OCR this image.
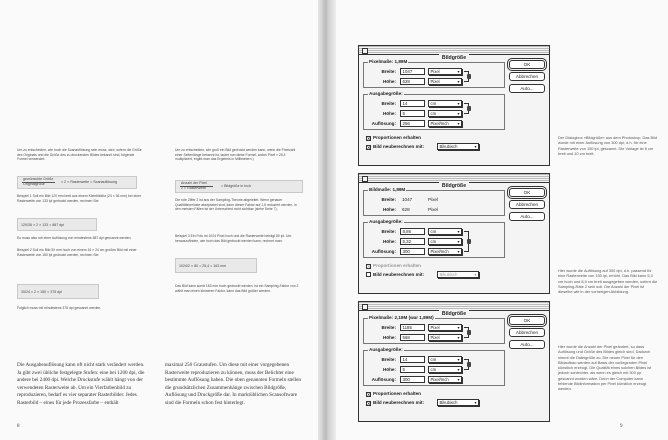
Um zu entscheiden, wie hoch die Scanauflösung sein muss, wird, sofern die Größe des Originals und die Größe des zu druckenden Bildes bekannt sind, folgende Formel verwendet:
gewünschte Größe
Originalgröße	× 2 × Rasterweite = Scanauflösung
Beispiel 1 Soll ein Bild 120 mm breit aus einem Kleinbilddia (24 × 36 mm) bei einer Rasterweite von 133 lpi gedruckt werden, rechnen Sie:
120/36 × 2 × 133 = 887 dpi
Es muss also mit einer Auflösung von mindestens 887 dpi gescannt werden.
Beispiel 2 Soll ein Bild 30 mm hoch von einem 16 × 24 cm großen Bild mit einer Rasterweite von 150 lpi gedruckt werden, rechnen Sie:
30/24 × 2 × 150 = 375 dpi
Folglich muss mit mindestens 375 dpi gescannt werden.
Um zu entscheiden, wie groß ein Bild gedruckt werden kann, wenn die Pixelzahl einer Seitenlänge bekannt ist, lautet nun diese Formel, wobei Pixel × 25,4 multipliziert, ergibt man das Ergebnis in Millimetern.)
Anzahl der Pixel
2 × Rasterweite	= Bildgröße in Inch
Die rote Ziffer 2 ist aus der Sampling-Theorie abgeleitet. Wenn genauer Qualitätsverluste akzeptabel sind, kann dieser Faktor auf 1,5 reduziert werden, in den meisten Fällen ist der Unterschied nicht sichtbar (siehe Seite 7).
Beispiel 3 Ein Foto ist 1024 Pixel hoch und die Rasterweite beträgt 80 lpi. Um herauszufinden, wie hoch das Bild gedruckt werden kann, rechnet man:
1024/2 × 80 = 25,4 = 163 mm
Das Bild kann somit 163 mm hoch gedruckt werden. Ist ein Sampling-Faktor von 2 wählt man einen kleineren Faktor, kann das Bild größer werden.
Die Ausgabeauflösung kann oft nicht stark verändert werden. Ja gibt zwei übliche festgelegte Stufen: eine bei 1200 dpi, die andere bei 2400 dpi. Welche Druckstufe wählt hängt von der verwendeten Rasterweite ab. Um ein Vierfarbenbild zu reproduzieren, bedarf es vier separater Rasterbilder. Jedes Rasterbild – eines für jede Prozessfarbe – enthält
maximal 256 Graustufen. Um diese mit einer vorgegebenen Rasterweite reproduzieren zu können, muss der Belichter eine bestimmte Auflösung haben. Die oben genannten Formeln stellen die grundsätzlichen Zusammenhänge zwischen Bildgröße, Auflösung und Druckgröße dar. In marktüblichen Scansoftware sind die Formeln schon fest hinterlegt.
8
Bildgröße
Pixelmaße: 1,89M
Breite:	1047	Pixel ▾
Höhe:	628	Pixel ▾
Ausgabegröße:
Breite:	14	cm ▾
Höhe:	5	cm ▾
Auflösung:	256	Pixel/Inch ▾
✕ Proportionen erhalten
✕ Bild neuberechnen mit:	Bikubisch ▾
OK
Abbrechen
Auto...
Bildgröße
Bildmaße: 1,89M
Breite: 1047	Pixel
Höhe: 628	Pixel
Ausgabegröße:
Breite:	8,86	cm ▾
Höhe:	5,32	cm ▾
Auflösung:	300	Pixel/Inch ▾
✕ Proportionen erhalten
Bild neuberechnen mit:	Bikubisch ▾
OK
Abbrechen
Auto...
Bildgröße
Pixelmaße: 2,19M (war 1,89M)
Breite:	1185	Pixel ▾
Höhe:	568	Pixel ▾
Ausgabegröße:
Breite:	14	cm ▾
Höhe:	5	cm ▾
Auflösung:	300	Pixel/Inch ▾
✕ Proportionen erhalten
✕ Bild neuberechnen mit:	Bikubisch ▾
OK
Abbrechen
Auto...
Der Dialogbox »Bildgröße« aus dem Photoshop. Das Bild wurde mit einer Auflösung von 300 dpi, d.h. für eine Rasterweite von 150 lpi, gescannt. Die Vorlage ist 8 cm breit und 10 cm breit.
Hier wurde die Auflösung auf 300 dpi, d.h. passend für eine Rasterweite von 150 lpi, erhöht. Das Bild kann 5,3 cm hoch und 8,9 cm breit ausgegeben werden, sofern die Sampling-Rate 2 sein soll. Die Anzahl der Pixel ist dieselbe wie in der vorherigen Abbildung.
Hier wurde die Anzahl der Pixel geändert, so dass Auflösung und Größe des Bildes gleich sind. Dadurch nimmt die Dateigröße zu. Die neuen Pixel für den Bildaufbau werden auf Basis der vorliegenden Pixel künstlich erzeugt. Die Qualität eines solchen Bildes ist jedoch schlechter, als wenn es gleich mit 300 pp gescannt worden wäre. Denn der Computer kann fehlende Bildinformation per Pixel künstlich erzeugt werden.
9
